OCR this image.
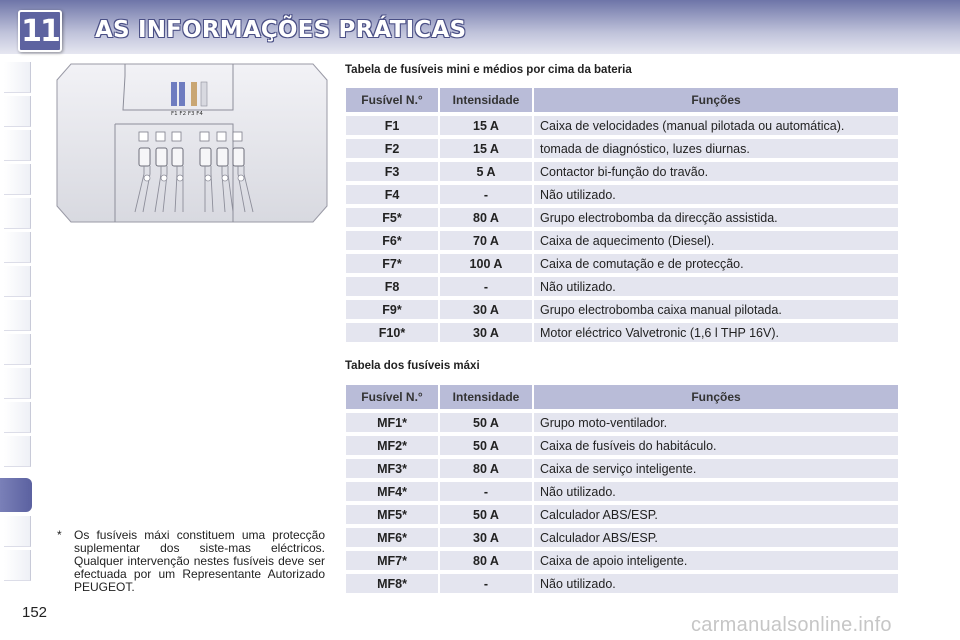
11 AS INFORMAÇÕES PRÁTICAS
F1 F2 F3 F4
Tabela de fusíveis mini e médios por cima da bateria
Fusível N.°	Intensidade	Funções
F1	15 A	Caixa de velocidades (manual pilotada ou automática).
F2	15 A	tomada de diagnóstico, luzes diurnas.
F3	5 A	Contactor bi-função do travão.
F4	-	Não utilizado.
F5*	80 A	Grupo electrobomba da direcção assistida.
F6*	70 A	Caixa de aquecimento (Diesel).
F7*	100 A	Caixa de comutação e de protecção.
F8	-	Não utilizado.
F9*	30 A	Grupo electrobomba caixa manual pilotada.
F10*	30 A	Motor eléctrico Valvetronic (1,6 l THP 16V).
Tabela dos fusíveis máxi
Fusível N.°	Intensidade	Funções
MF1*	50 A	Grupo moto-ventilador.
MF2*	50 A	Caixa de fusíveis do habitáculo.
MF3*	80 A	Caixa de serviço inteligente.
MF4*	-	Não utilizado.
MF5*	50 A	Calculador ABS/ESP.
MF6*	30 A	Calculador ABS/ESP.
MF7*	80 A	Caixa de apoio inteligente.
MF8*	-	Não utilizado.
* Os fusíveis máxi constituem uma protecção suplementar dos siste-mas eléctricos. Qualquer intervenção nestes fusíveis deve ser efectuada por um Representante Autorizado PEUGEOT.
152
carmanualsonline.info
